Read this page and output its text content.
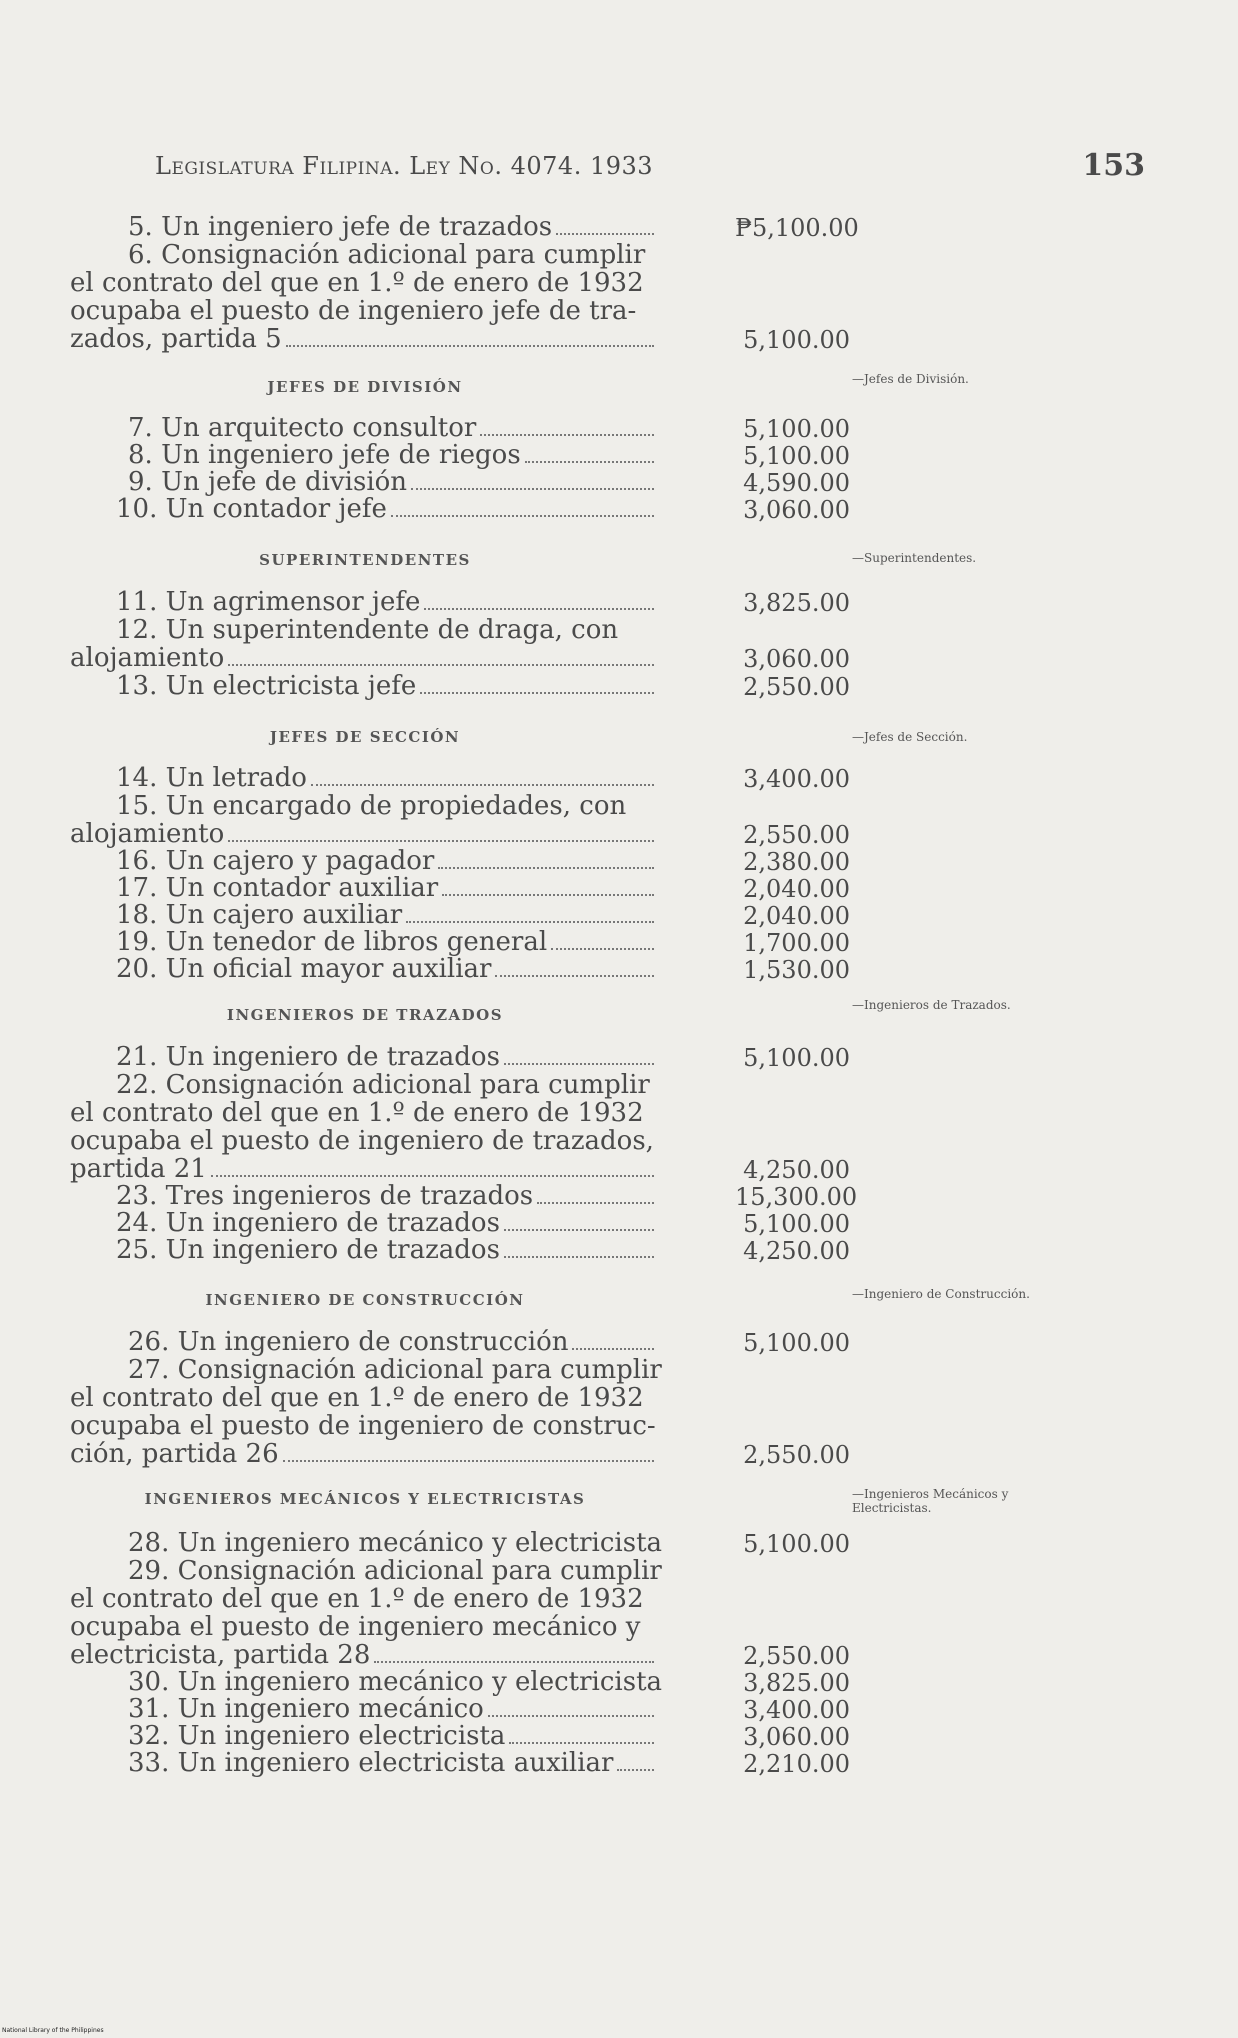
Legislatura Filipina. Ley No. 4074. 1933	153
5. Un ingeniero jefe de trazados	₱5,100.00
6. Consignación adicional para cumplir
el contrato del que en 1.º de enero de 1932
ocupaba el puesto de ingeniero jefe de tra-
zados, partida 5	5,100.00
7. Un arquitecto consultor	5,100.00
8. Un ingeniero jefe de riegos	5,100.00
9. Un jefe de división	4,590.00
10. Un contador jefe	3,060.00
11. Un agrimensor jefe	3,825.00
12. Un superintendente de draga, con
alojamiento	3,060.00
13. Un electricista jefe	2,550.00
14. Un letrado	3,400.00
15. Un encargado de propiedades, con
alojamiento	2,550.00
16. Un cajero y pagador	2,380.00
17. Un contador auxiliar	2,040.00
18. Un cajero auxiliar	2,040.00
19. Un tenedor de libros general	1,700.00
20. Un oficial mayor auxiliar	1,530.00
21. Un ingeniero de trazados	5,100.00
22. Consignación adicional para cumplir
el contrato del que en 1.º de enero de 1932
ocupaba el puesto de ingeniero de trazados,
partida 21	4,250.00
23. Tres ingenieros de trazados	15,300.00
24. Un ingeniero de trazados	5,100.00
25. Un ingeniero de trazados	4,250.00
26. Un ingeniero de construcción	5,100.00
27. Consignación adicional para cumplir
el contrato del que en 1.º de enero de 1932
ocupaba el puesto de ingeniero de construc-
ción, partida 26	2,550.00
28. Un ingeniero mecánico y electricista	5,100.00
29. Consignación adicional para cumplir
el contrato del que en 1.º de enero de 1932
ocupaba el puesto de ingeniero mecánico y
electricista, partida 28	2,550.00
30. Un ingeniero mecánico y electricista	3,825.00
31. Un ingeniero mecánico	3,400.00
32. Un ingeniero electricista	3,060.00
33. Un ingeniero electricista auxiliar	2,210.00
JEFES DE DIVISIÓN	—Jefes de División.
SUPERINTENDENTES	—Superintendentes.
JEFES DE SECCIÓN	—Jefes de Sección.
INGENIEROS DE TRAZADOS
—Ingenieros de Trazados.
INGENIERO DE CONSTRUCCIÓN	—Ingeniero de Construcción.
INGENIEROS MECÁNICOS Y ELECTRICISTAS	—Ingenieros Mecánicos y Electricistas.
National Library of the Philippines
